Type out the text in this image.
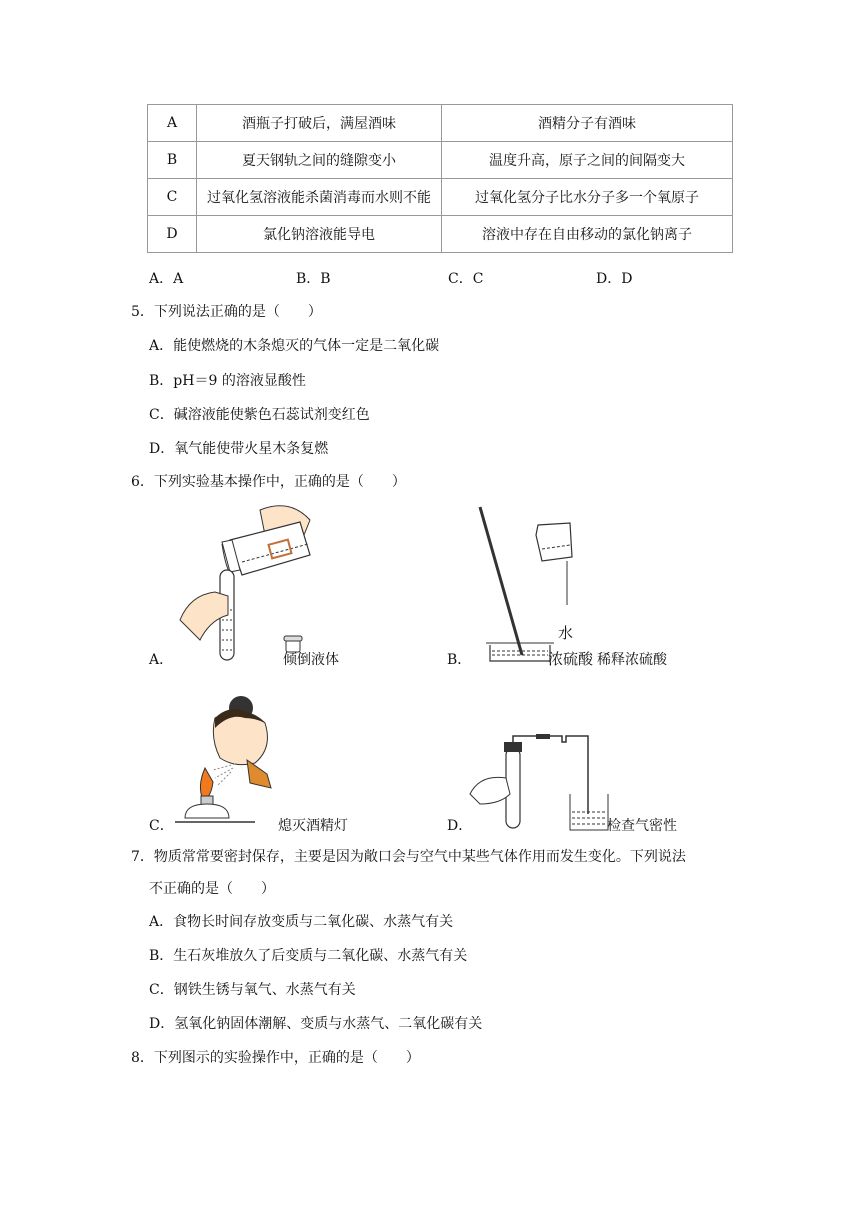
A	酒瓶子打破后，满屋酒味	酒精分子有酒味
B	夏天钢轨之间的缝隙变小	温度升高，原子之间的间隔变大
C	过氧化氢溶液能杀菌消毒而水则不能	过氧化氢分子比水分子多一个氧原子
D	氯化钠溶液能导电	溶液中存在自由移动的氯化钠离子
A．A	B．B	C．C	D．D
5．下列说法正确的是（　　）
A．能使燃烧的木条熄灭的气体一定是二氧化碳
B．pH＝9 的溶液显酸性
C．碱溶液能使紫色石蕊试剂变红色
D．氧气能使带火星木条复燃
6．下列实验基本操作中，正确的是（　　）
A．	倾倒液体	B．
水
浓硫酸 稀释浓硫酸
C．	熄灭酒精灯	D．	检查气密性
7．物质常常要密封保存，主要是因为敞口会与空气中某些气体作用而发生变化。下列说法
不正确的是（　　）
A．食物长时间存放变质与二氧化碳、水蒸气有关
B．生石灰堆放久了后变质与二氧化碳、水蒸气有关
C．钢铁生锈与氧气、水蒸气有关
D．氢氧化钠固体潮解、变质与水蒸气、二氧化碳有关
8．下列图示的实验操作中，正确的是（　　）
